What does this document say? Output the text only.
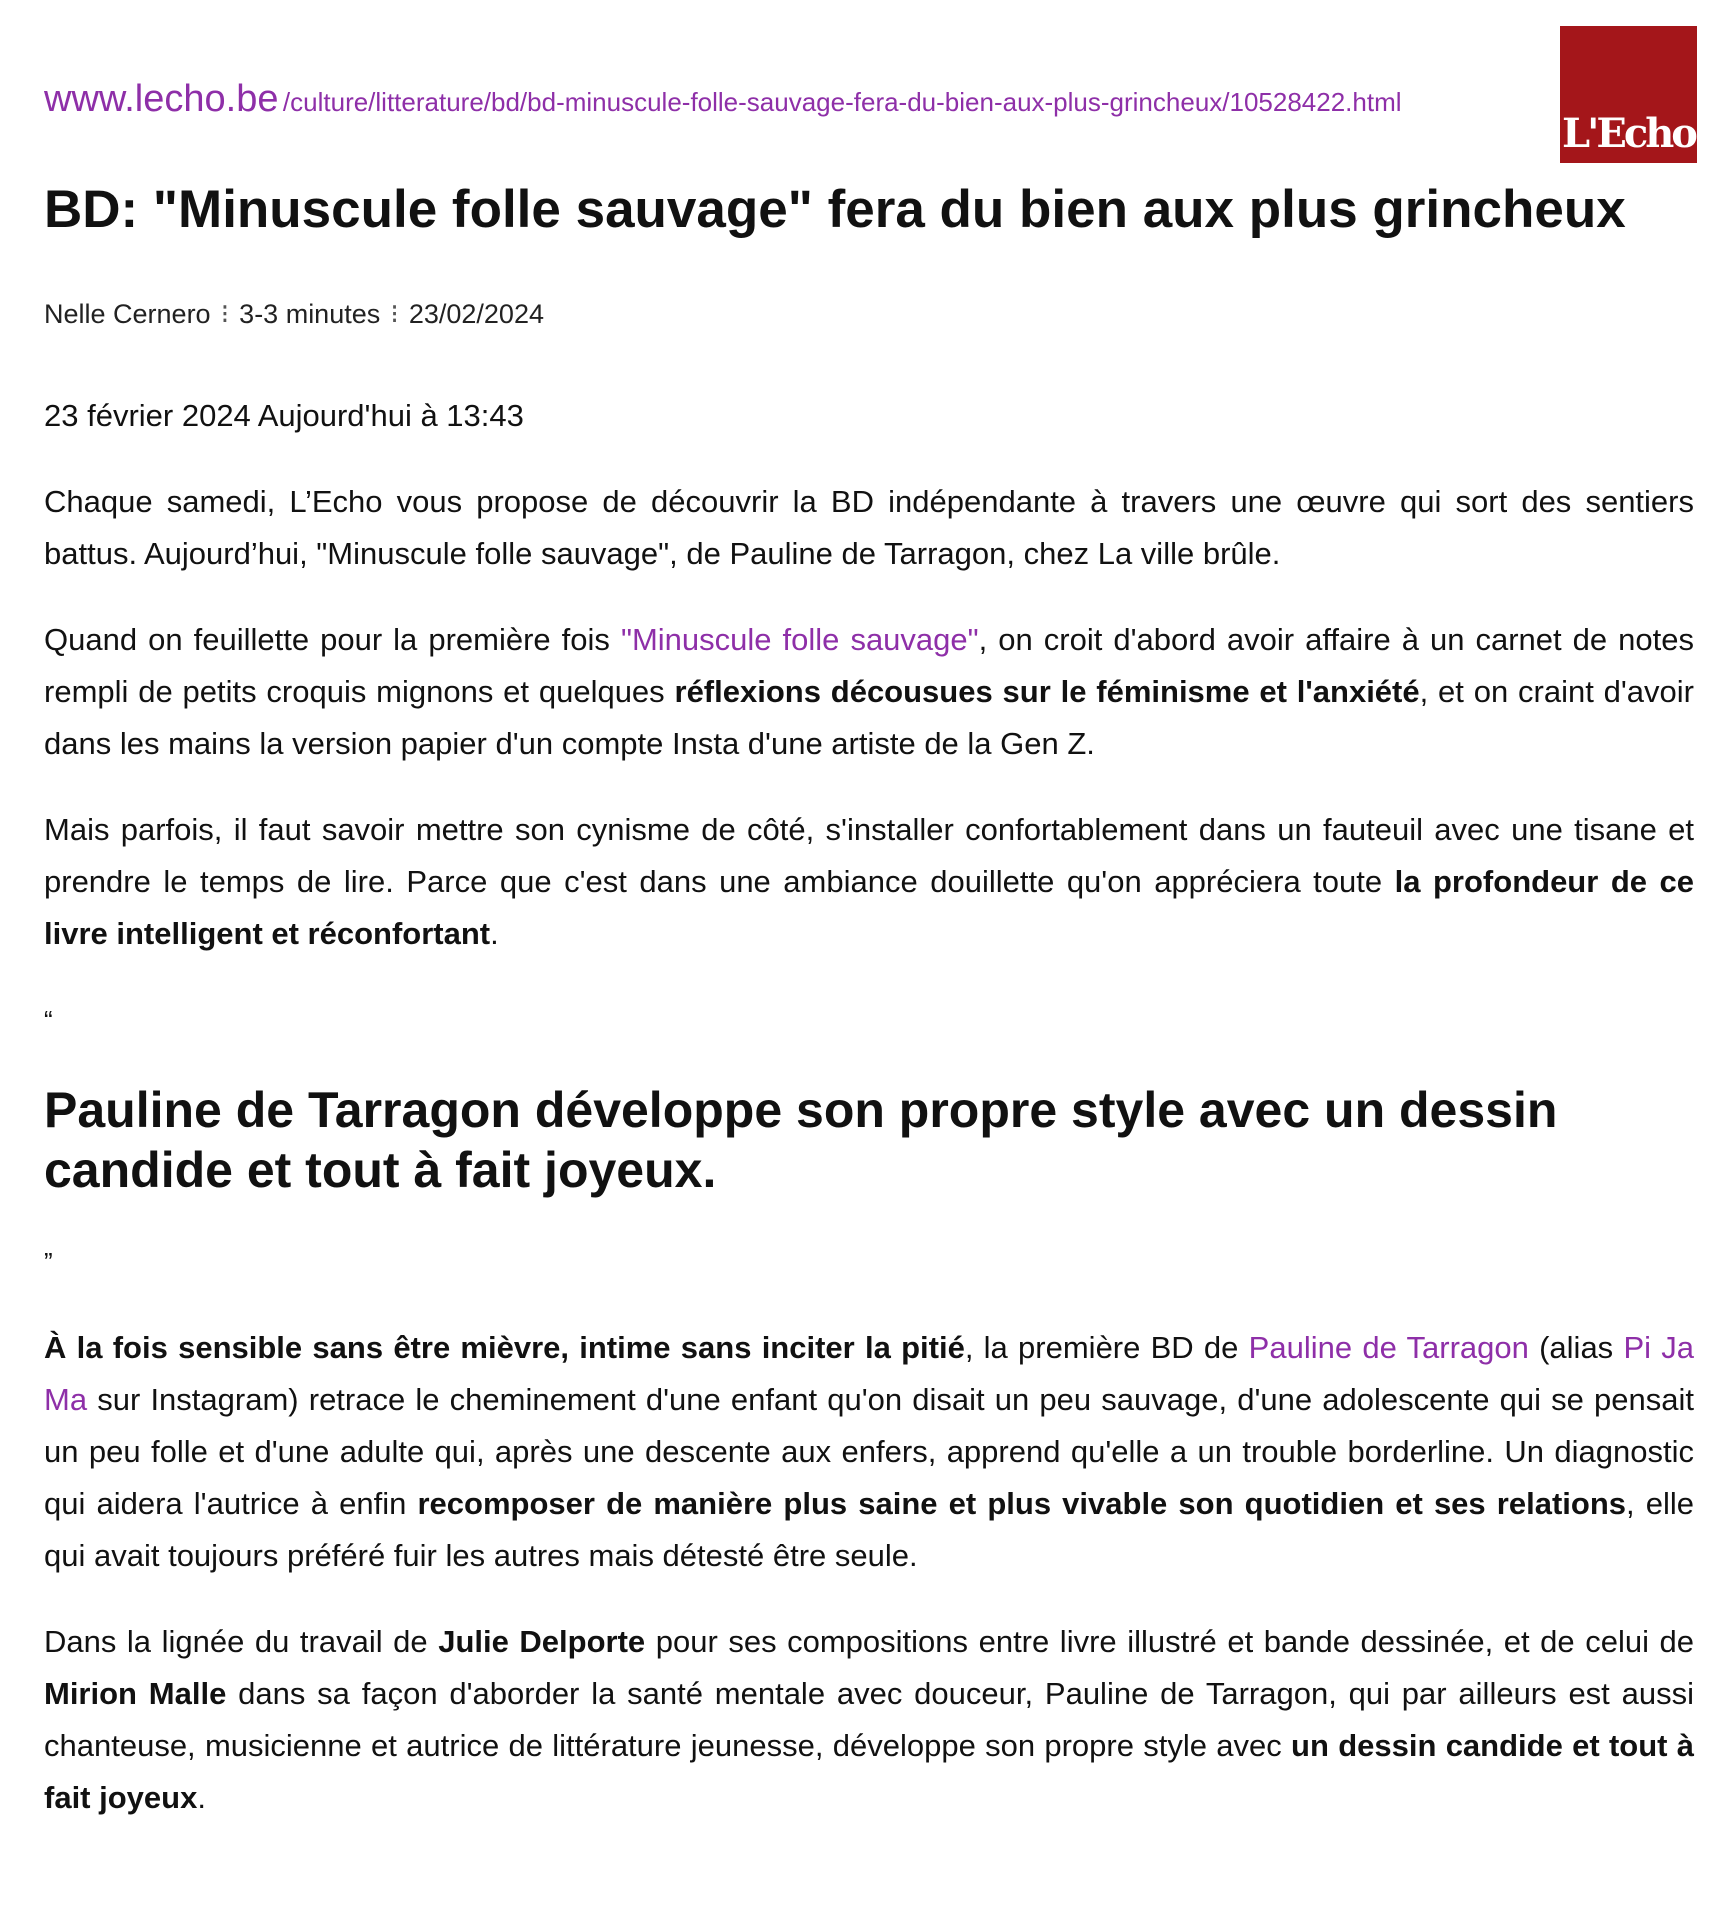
www.lecho.be /culture/litterature/bd/bd-minuscule-folle-sauvage-fera-du-bien-aux-plus-grincheux/10528422.html
L'Echo
BD: "Minuscule folle sauvage" fera du bien aux plus grincheux
Nelle Cernero ⁝ 3-3 minutes ⁝ 23/02/2024

23 février 2024 Aujourd'hui à 13:43

Chaque samedi, L’Echo vous propose de découvrir la BD indépendante à travers une œuvre qui sort des sentiers battus. Aujourd’hui, "Minuscule folle sauvage", de Pauline de Tarragon, chez La ville brûle.

Quand on feuillette pour la première fois "Minuscule folle sauvage", on croit d'abord avoir affaire à un carnet de notes rempli de petits croquis mignons et quelques réflexions décousues sur le féminisme et l'anxiété, et on craint d'avoir dans les mains la version papier d'un compte Insta d'une artiste de la Gen Z.

Mais parfois, il faut savoir mettre son cynisme de côté, s'installer confortablement dans un fauteuil avec une tisane et prendre le temps de lire. Parce que c'est dans une ambiance douillette qu'on appréciera toute la profondeur de ce livre intelligent et réconfortant.

“

Pauline de Tarragon développe son propre style avec un dessin candide et tout à fait joyeux.

”

À la fois sensible sans être mièvre, intime sans inciter la pitié, la première BD de Pauline de Tarragon (alias Pi Ja Ma sur Instagram) retrace le cheminement d'une enfant qu'on disait un peu sauvage, d'une adolescente qui se pensait un peu folle et d'une adulte qui, après une descente aux enfers, apprend qu'elle a un trouble borderline. Un diagnostic qui aidera l'autrice à enfin recomposer de manière plus saine et plus vivable son quotidien et ses relations, elle qui avait toujours préféré fuir les autres mais détesté être seule.

Dans la lignée du travail de Julie Delporte pour ses compositions entre livre illustré et bande dessinée, et de celui de Mirion Malle dans sa façon d'aborder la santé mentale avec douceur, Pauline de Tarragon, qui par ailleurs est aussi chanteuse, musicienne et autrice de littérature jeunesse, développe son propre style avec un dessin candide et tout à fait joyeux.
